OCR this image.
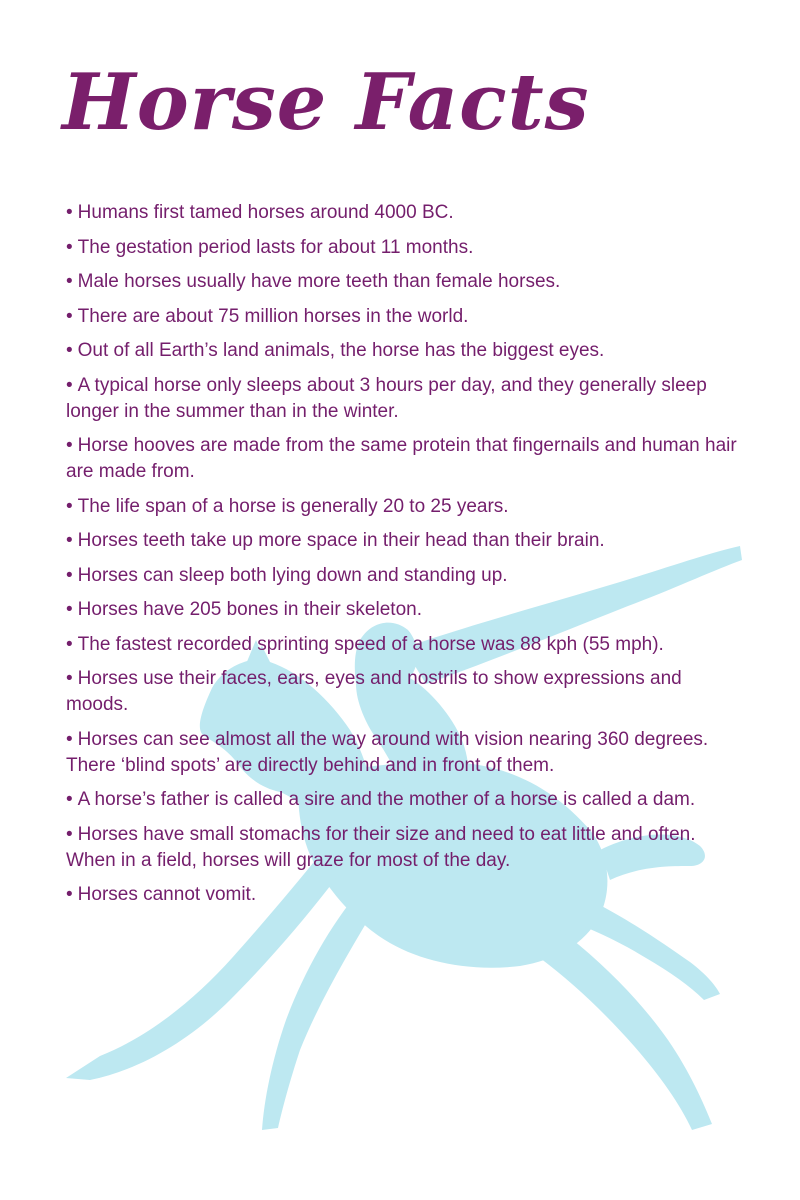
Horse Facts
• Humans first tamed horses around 4000 BC.
• The gestation period lasts for about 11 months.
• Male horses usually have more teeth than female horses.
• There are about 75 million horses in the world.
• Out of all Earth’s land animals, the horse has the biggest eyes.
• A typical horse only sleeps about 3 hours per day, and they generally sleep longer in the summer than in the winter.
• Horse hooves are made from the same protein that fingernails and human hair are made from.
• The life span of a horse is generally 20 to 25 years.
• Horses teeth take up more space in their head than their brain.
• Horses can sleep both lying down and standing up.
• Horses have 205 bones in their skeleton.
• The fastest recorded sprinting speed of a horse was 88 kph (55 mph).
• Horses use their faces, ears, eyes and nostrils to show expressions and moods.
• Horses can see almost all the way around with vision nearing 360 degrees. There ‘blind spots’ are directly behind and in front of them.
• A horse’s father is called a sire and the mother of a horse is called a dam.
• Horses have small stomachs for their size and need to eat little and often. When in a field, horses will graze for most of the day.
• Horses cannot vomit.
